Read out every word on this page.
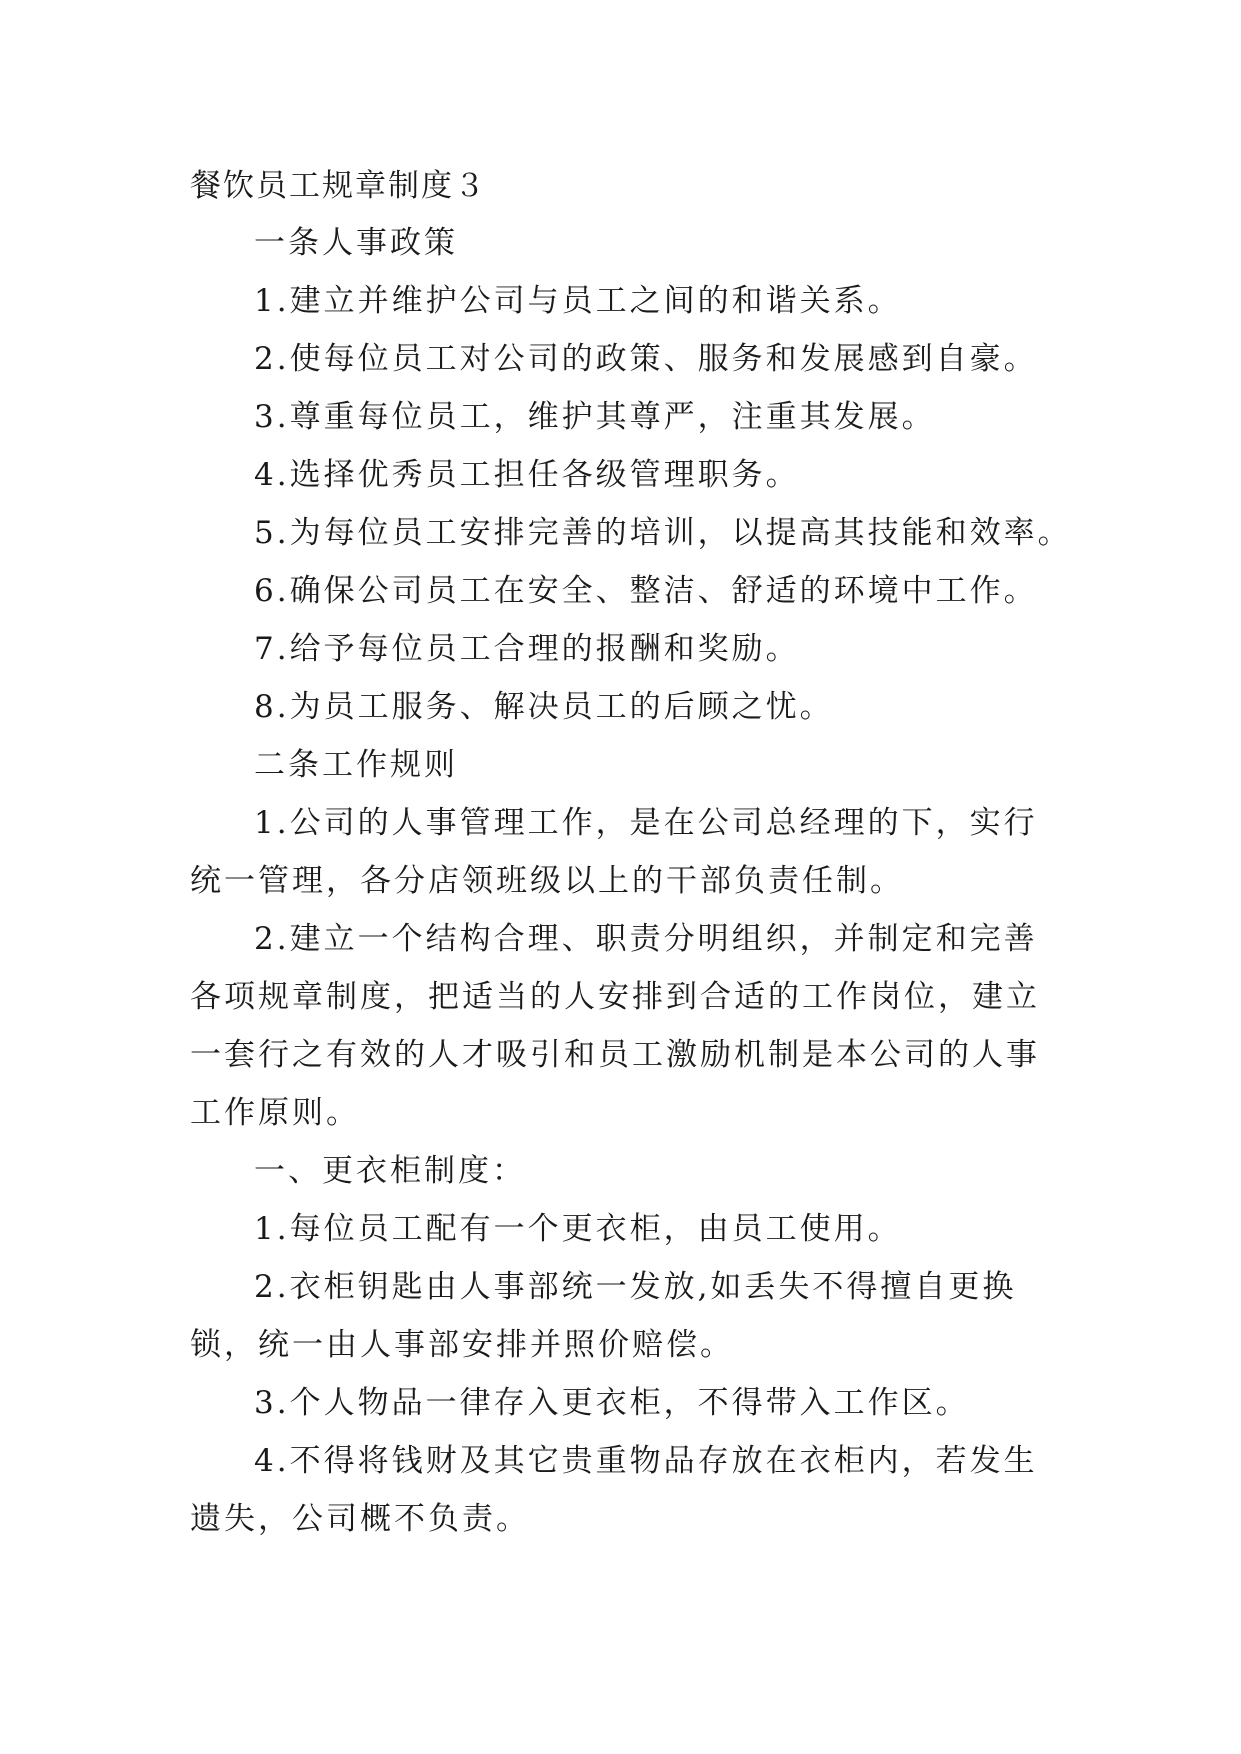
餐饮员工规章制度３

一条人事政策

1.建立并维护公司与员工之间的和谐关系。

2.使每位员工对公司的政策、服务和发展感到自豪。

3.尊重每位员工，维护其尊严，注重其发展。

4.选择优秀员工担任各级管理职务。

5.为每位员工安排完善的培训，以提高其技能和效率。

6.确保公司员工在安全、整洁、舒适的环境中工作。

7.给予每位员工合理的报酬和奖励。

8.为员工服务、解决员工的后顾之忧。

二条工作规则

1.公司的人事管理工作，是在公司总经理的下，实行统一管理，各分店领班级以上的干部负责任制。

2.建立一个结构合理、职责分明组织，并制定和完善各项规章制度，把适当的人安排到合适的工作岗位，建立一套行之有效的人才吸引和员工激励机制是本公司的人事工作原则。

一、更衣柜制度：

1.每位员工配有一个更衣柜，由员工使用。

2.衣柜钥匙由人事部统一发放,如丢失不得擅自更换锁，统一由人事部安排并照价赔偿。

3.个人物品一律存入更衣柜，不得带入工作区。

4.不得将钱财及其它贵重物品存放在衣柜内，若发生遗失，公司概不负责。
